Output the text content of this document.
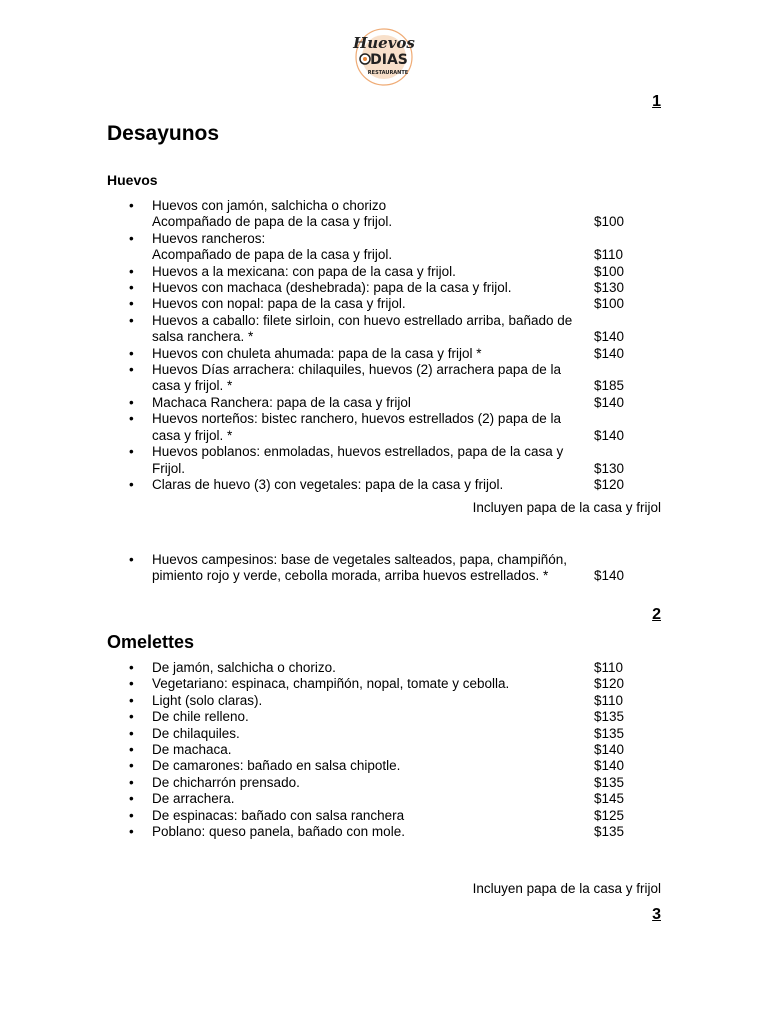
Huevos
DIAS
RESTAURANTE
1
Desayunos
Huevos
• Huevos con jamón, salchicha o chorizo
Acompañado de papa de la casa y frijol.	$100
• Huevos rancheros:
Acompañado de papa de la casa y frijol.	$110
• Huevos a la mexicana: con papa de la casa y frijol.	$100
• Huevos con machaca (deshebrada): papa de la casa y frijol.	$130
• Huevos con nopal: papa de la casa y frijol.	$100
• Huevos a caballo: filete sirloin, con huevo estrellado arriba, bañado de
salsa ranchera. *	$140
• Huevos con chuleta ahumada: papa de la casa y frijol *	$140
• Huevos Días arrachera: chilaquiles, huevos (2) arrachera papa de la
casa y frijol. *	$185
• Machaca Ranchera: papa de la casa y frijol	$140
• Huevos norteños: bistec ranchero, huevos estrellados (2) papa de la
casa y frijol. *	$140
• Huevos poblanos: enmoladas, huevos estrellados, papa de la casa y
Frijol.	$130
• Claras de huevo (3) con vegetales: papa de la casa y frijol.	$120
Incluyen papa de la casa y frijol
• Huevos campesinos: base de vegetales salteados, papa, champiñón,
pimiento rojo y verde, cebolla morada, arriba huevos estrellados. *	$140
2
Omelettes
• De jamón, salchicha o chorizo.	$110
• Vegetariano: espinaca, champiñón, nopal, tomate y cebolla.	$120
• Light (solo claras).	$110
• De chile relleno.	$135
• De chilaquiles.	$135
• De machaca.	$140
• De camarones: bañado en salsa chipotle.	$140
• De chicharrón prensado.	$135
• De arrachera.	$145
• De espinacas: bañado con salsa ranchera	$125
• Poblano: queso panela, bañado con mole.	$135
Incluyen papa de la casa y frijol
3
